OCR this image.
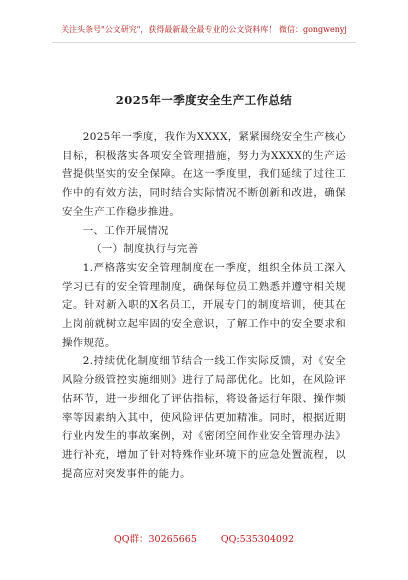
关注头条号"公文研究"，获得最新最全最专业的公文资料库！ 微信：gongwenyj
2025年一季度安全生产工作总结

2025年一季度，我作为XXXX，紧紧围绕安全生产核心目标，积极落实各项安全管理措施，努力为XXXX的生产运营提供坚实的安全保障。在这一季度里，我们延续了过往工作中的有效方法，同时结合实际情况不断创新和改进，确保安全生产工作稳步推进。

一、工作开展情况

（一）制度执行与完善

1.严格落实安全管理制度在一季度，组织全体员工深入学习已有的安全管理制度，确保每位员工熟悉并遵守相关规定。针对新入职的X名员工，开展专门的制度培训，使其在上岗前就树立起牢固的安全意识，了解工作中的安全要求和操作规范。

2.持续优化制度细节结合一线工作实际反馈，对《安全风险分级管控实施细则》进行了局部优化。比如，在风险评估环节，进一步细化了评估指标，将设备运行年限、操作频率等因素纳入其中，使风险评估更加精准。同时，根据近期行业内发生的事故案例，对《密闭空间作业安全管理办法》进行补充，增加了针对特殊作业环境下的应急处置流程，以提高应对突发事件的能力。

QQ群：30265665	QQ:535304092
